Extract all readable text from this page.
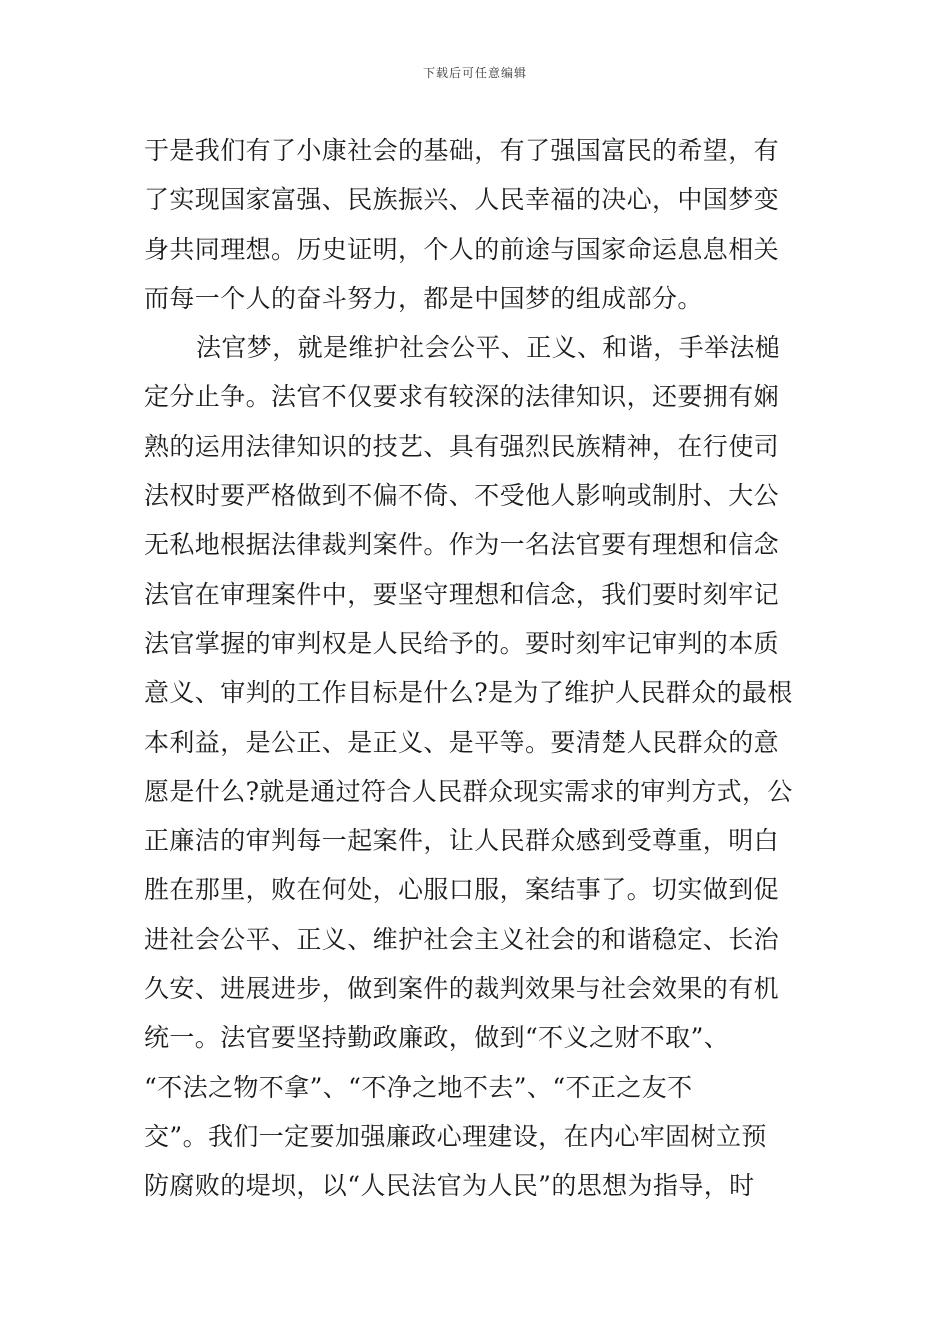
下载后可任意编辑
于是我们有了小康社会的基础，有了强国富民的希望，有
了实现国家富强、民族振兴、人民幸福的决心，中国梦变
身共同理想。历史证明，个人的前途与国家命运息息相关
而每一个人的奋斗努力，都是中国梦的组成部分。
法官梦，就是维护社会公平、正义、和谐，手举法槌
定分止争。法官不仅要求有较深的法律知识，还要拥有娴
熟的运用法律知识的技艺、具有强烈民族精神，在行使司
法权时要严格做到不偏不倚、不受他人影响或制肘、大公
无私地根据法律裁判案件。作为一名法官要有理想和信念
法官在审理案件中，要坚守理想和信念，我们要时刻牢记
法官掌握的审判权是人民给予的。要时刻牢记审判的本质
意义、审判的工作目标是什么?是为了维护人民群众的最根
本利益，是公正、是正义、是平等。要清楚人民群众的意
愿是什么?就是通过符合人民群众现实需求的审判方式，公
正廉洁的审判每一起案件，让人民群众感到受尊重，明白
胜在那里，败在何处，心服口服，案结事了。切实做到促
进社会公平、正义、维护社会主义社会的和谐稳定、长治
久安、进展进步，做到案件的裁判效果与社会效果的有机
统一。法官要坚持勤政廉政，做到“不义之财不取”、
“不法之物不拿”、“不净之地不去”、“不正之友不
交”。我们一定要加强廉政心理建设，在内心牢固树立预
防腐败的堤坝，以“人民法官为人民”的思想为指导，时
